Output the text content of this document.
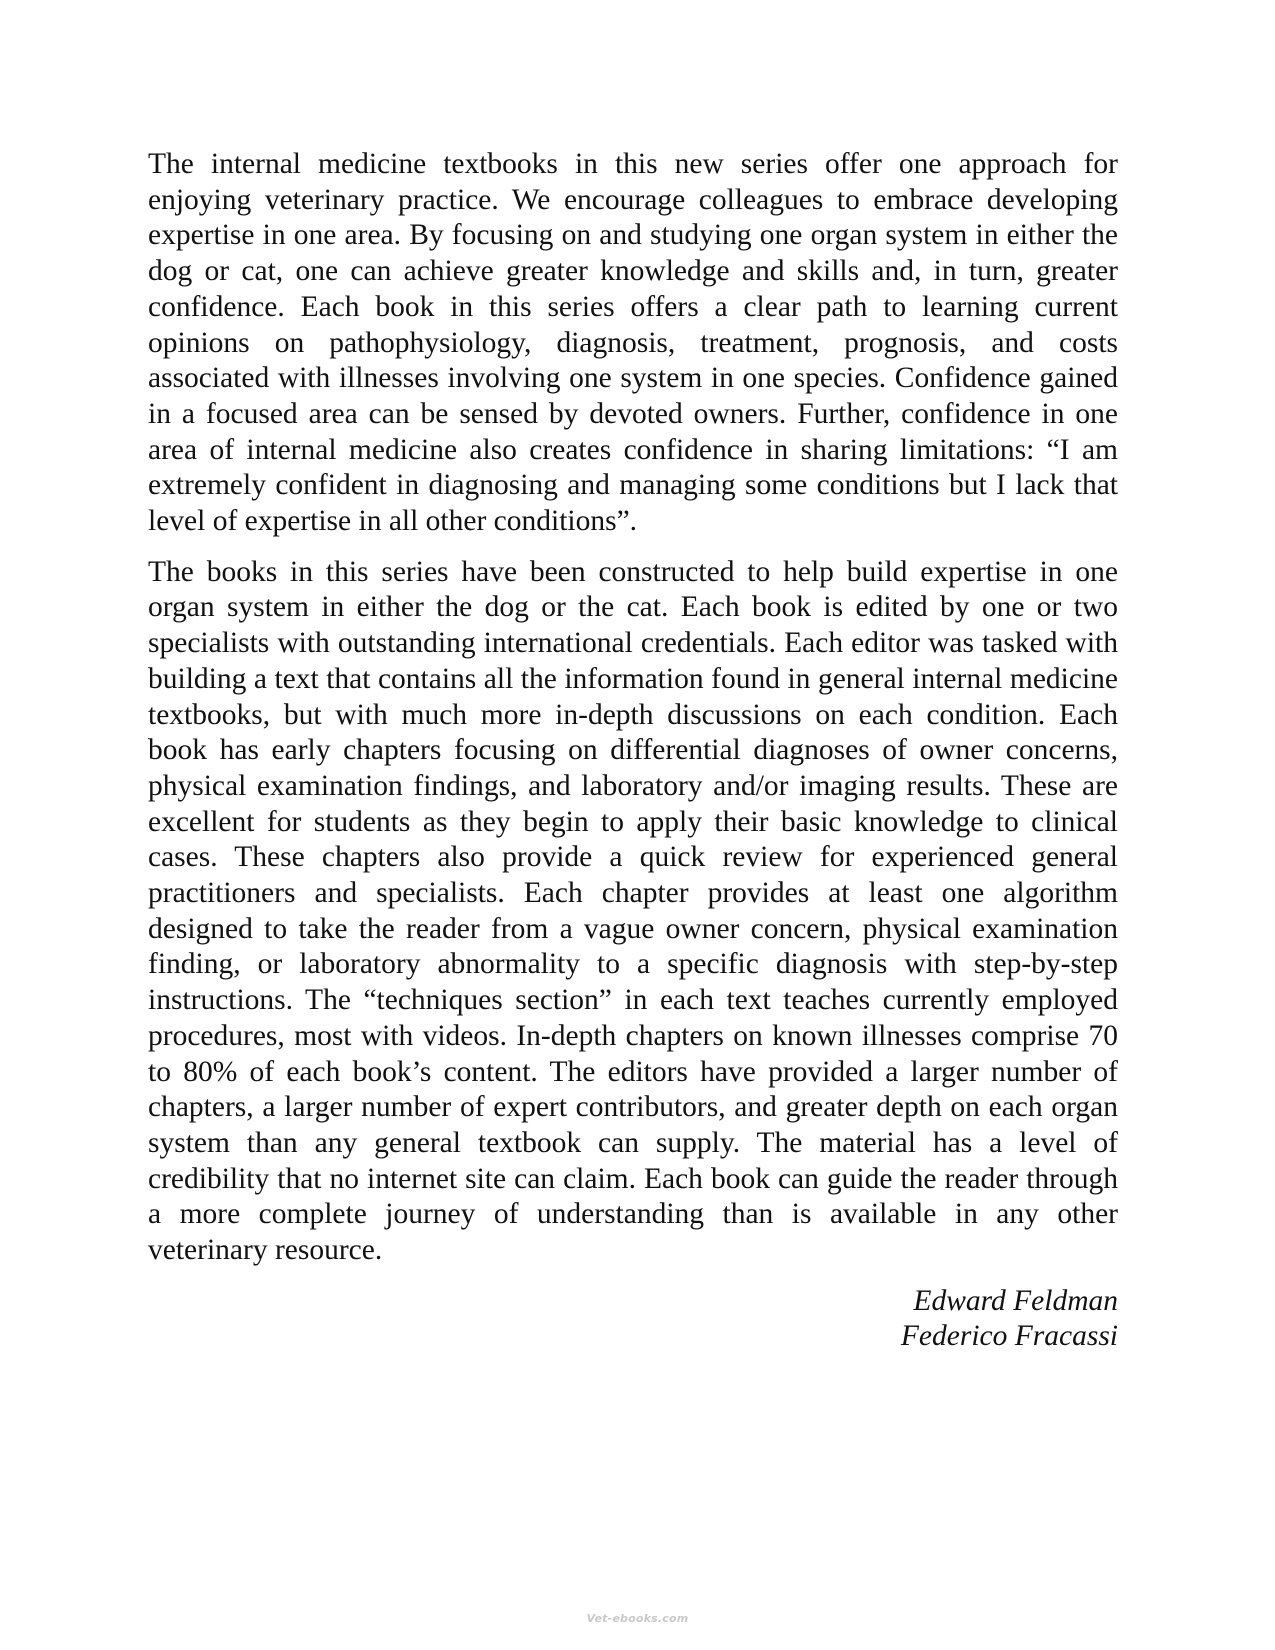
The internal medicine textbooks in this new series offer one approach for enjoying veterinary practice. We encourage colleagues to embrace developing expertise in one area. By focusing on and studying one organ system in either the dog or cat, one can achieve greater knowledge and skills and, in turn, greater confidence. Each book in this series offers a clear path to learning current opinions on pathophysiology, diagnosis, treatment, prognosis, and costs associated with illnesses involving one system in one species. Confidence gained in a focused area can be sensed by devoted owners. Further, confidence in one area of internal medicine also creates confidence in sharing limitations: “I am extremely confident in diagnosing and managing some conditions but I lack that level of expertise in all other conditions”.

The books in this series have been constructed to help build expertise in one organ system in either the dog or the cat. Each book is edited by one or two specialists with outstanding international credentials. Each editor was tasked with building a text that contains all the information found in general internal medicine textbooks, but with much more in-depth discussions on each condition. Each book has early chapters focusing on differential diagnoses of owner concerns, physical examination findings, and laboratory and/or imaging results. These are excellent for students as they begin to apply their basic knowledge to clinical cases. These chapters also provide a quick review for experienced general practitioners and specialists. Each chapter provides at least one algorithm designed to take the reader from a vague owner concern, physical examination finding, or laboratory abnormality to a specific diagnosis with step-by-step instructions. The “techniques section” in each text teaches currently employed procedures, most with videos. In-depth chapters on known illnesses comprise 70 to 80% of each book’s content. The editors have provided a larger number of chapters, a larger number of expert contributors, and greater depth on each organ system than any general textbook can supply. The material has a level of credibility that no internet site can claim. Each book can guide the reader through a more complete journey of understanding than is available in any other veterinary resource.

Edward Feldman
Federico Fracassi
Vet-ebooks.com
